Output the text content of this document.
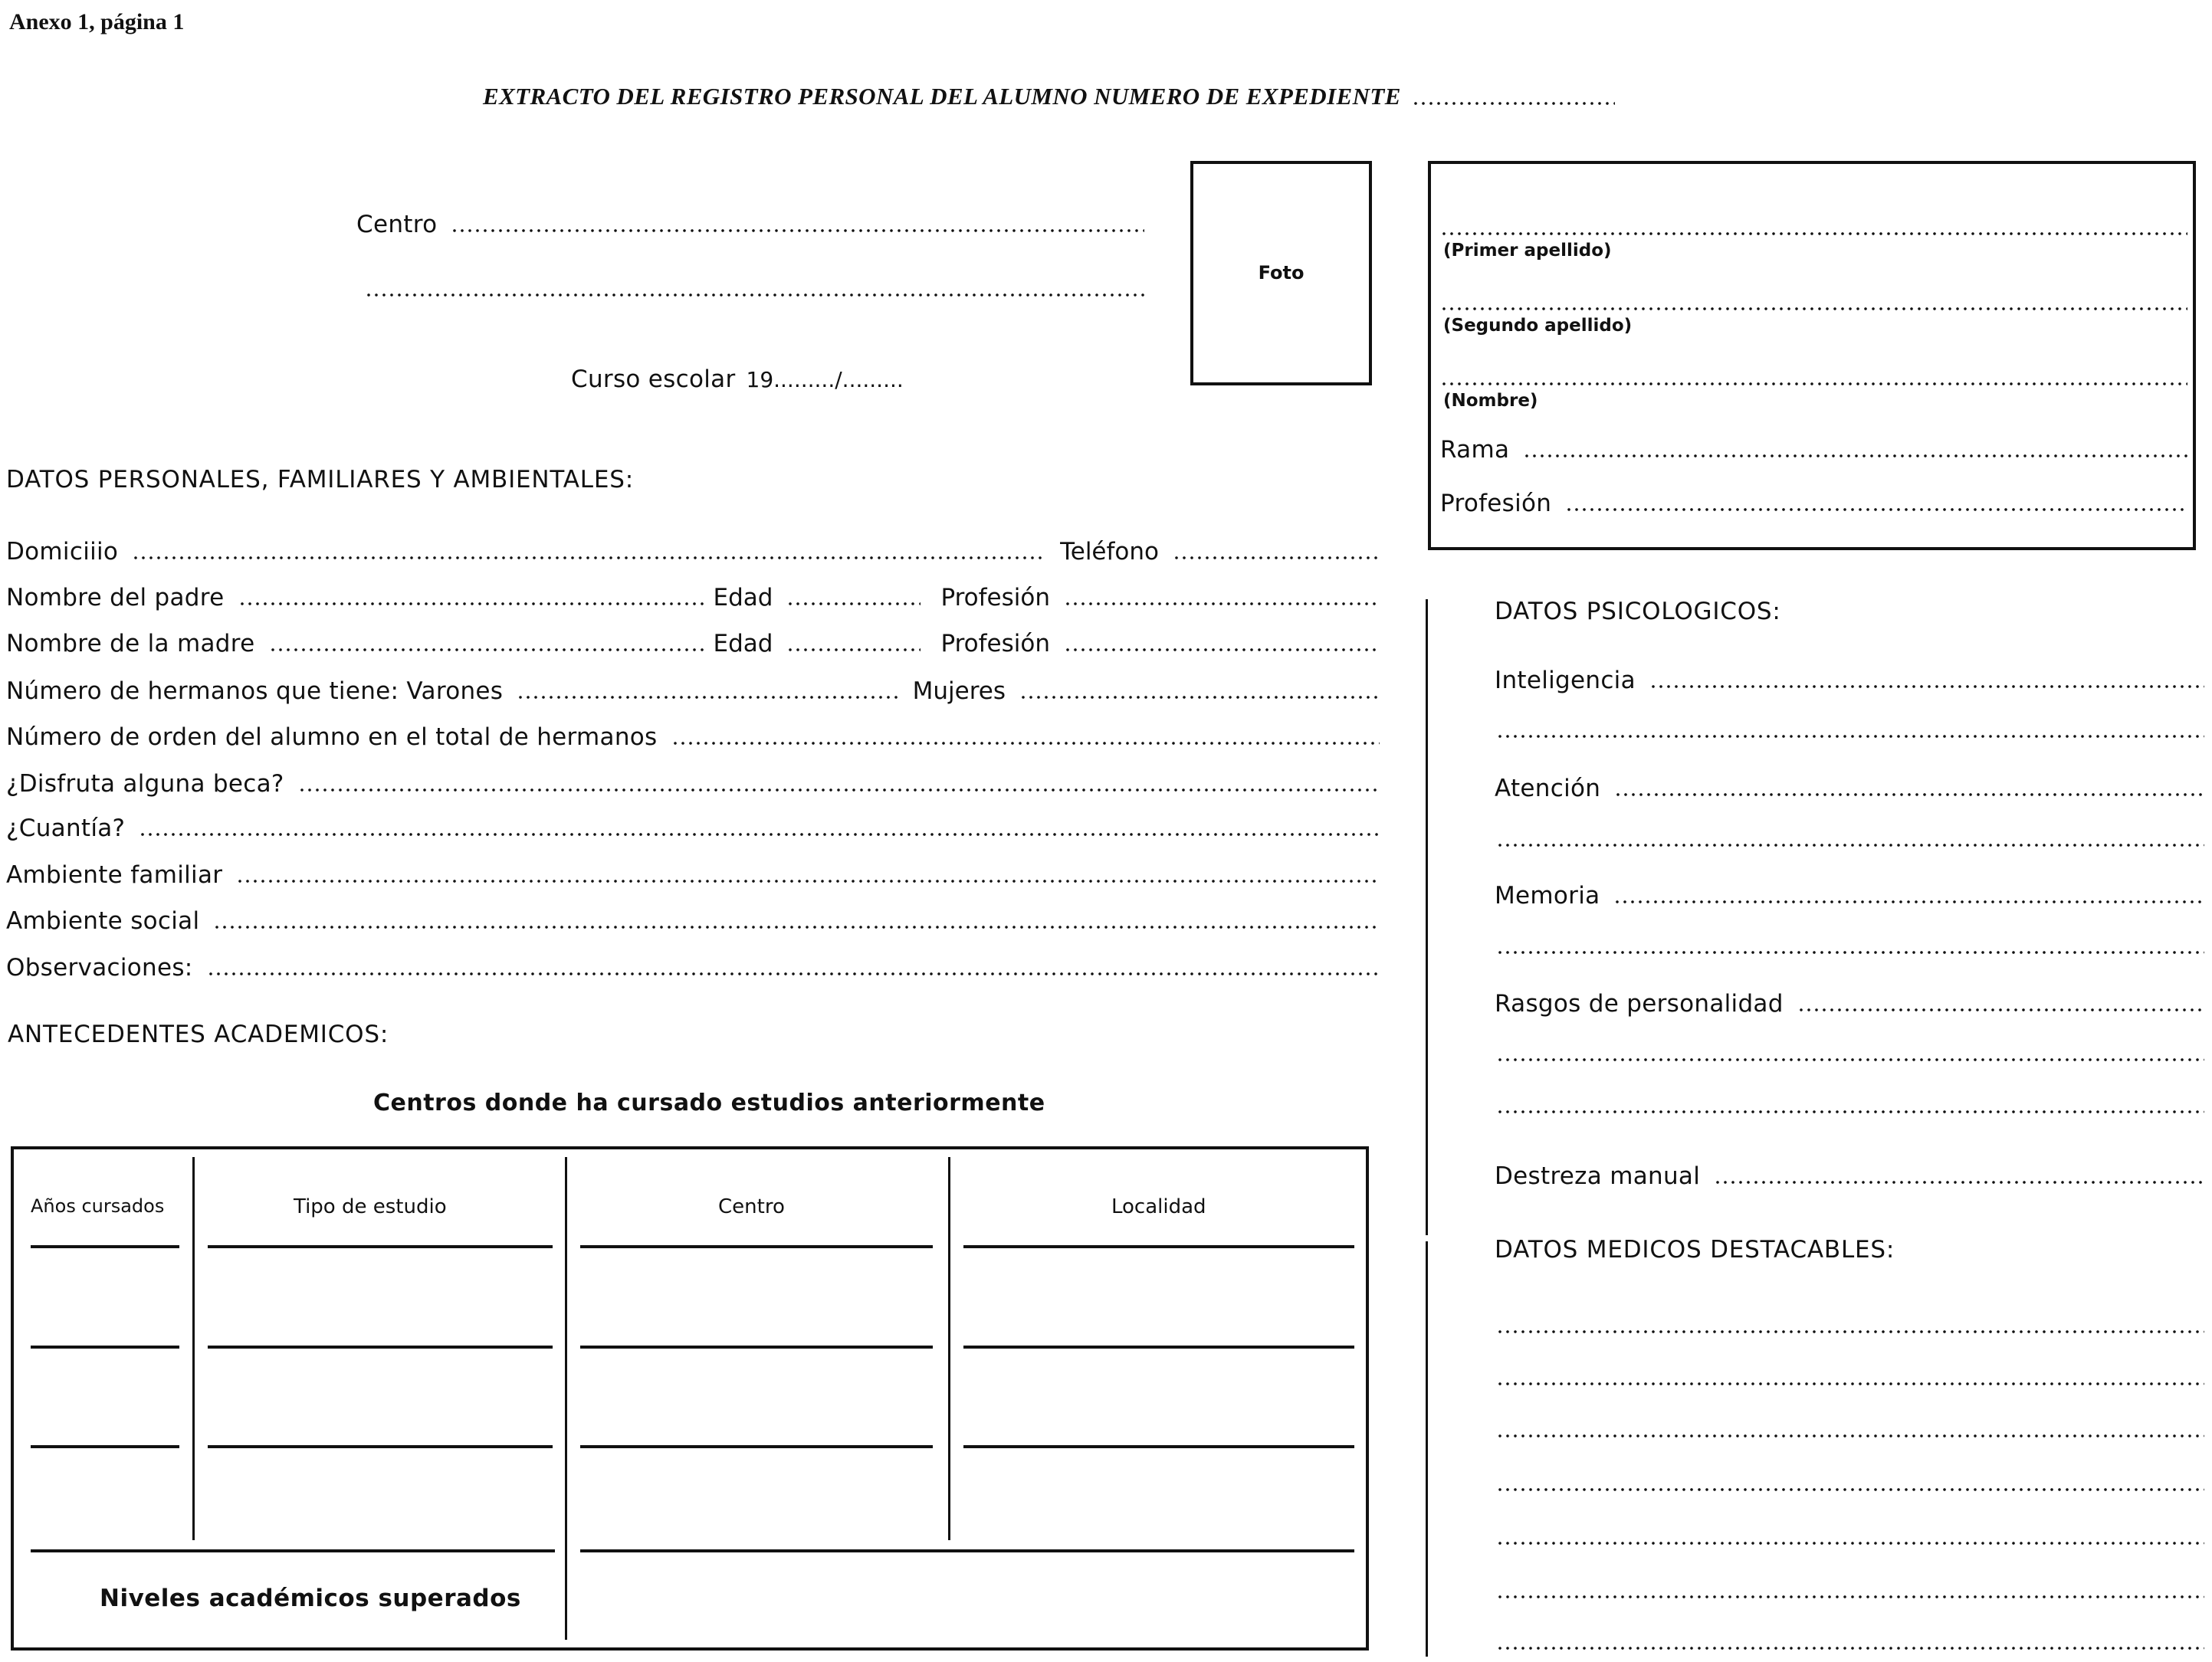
Anexo 1, página 1
EXTRACTO DEL REGISTRO PERSONAL DEL ALUMNO NUMERO DE EXPEDIENTE
Centro
Curso escolar 19........./.........
Foto
(Primer apellido)
(Segundo apellido)
(Nombre)
Rama
Profesión
DATOS PERSONALES, FAMILIARES Y AMBIENTALES:
Domiciiio	Teléfono
Nombre del padre	Edad	Profesión
Nombre de la madre	Edad	Profesión
Número de hermanos que tiene: Varones	Mujeres
Número de orden del alumno en el total de hermanos
¿Disfruta alguna beca?
¿Cuantía?
Ambiente familiar
Ambiente social
Observaciones:
ANTECEDENTES ACADEMICOS:
Centros donde ha cursado estudios anteriormente
Años cursados	Tipo de estudio	Centro	Localidad
Niveles académicos superados
DATOS PSICOLOGICOS:
Inteligencia
Atención
Memoria
Rasgos de personalidad
Destreza manual
DATOS MEDICOS DESTACABLES:
